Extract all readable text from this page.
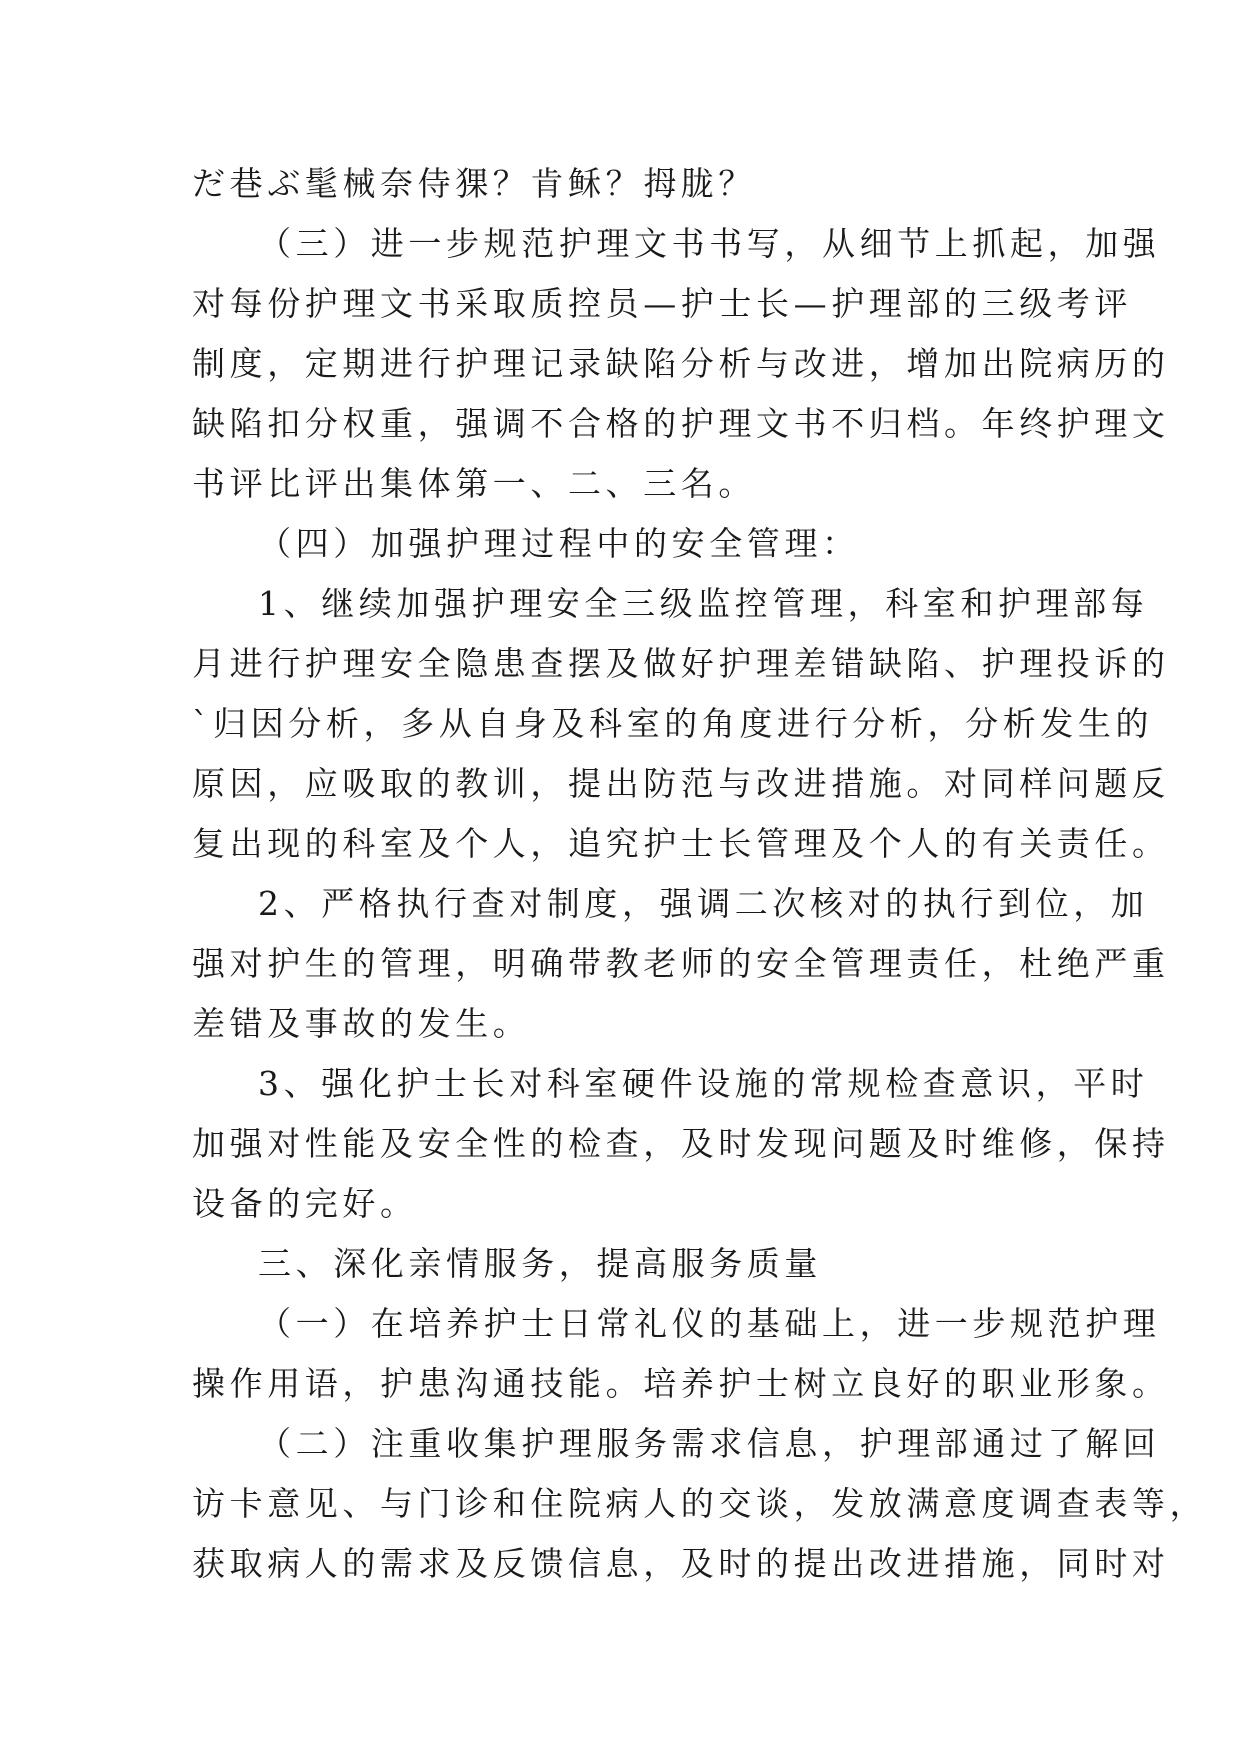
だ巷ぶ髦械奈侍猓？肯稣？拇胧？
（三）进一步规范护理文书书写，从细节上抓起，加强
对每份护理文书采取质控员—护士长—护理部的三级考评
制度，定期进行护理记录缺陷分析与改进，增加出院病历的
缺陷扣分权重，强调不合格的护理文书不归档。年终护理文
书评比评出集体第一、二、三名。
（四）加强护理过程中的安全管理：
1、继续加强护理安全三级监控管理，科室和护理部每
月进行护理安全隐患查摆及做好护理差错缺陷、护理投诉的
`归因分析，多从自身及科室的角度进行分析，分析发生的
原因，应吸取的教训，提出防范与改进措施。对同样问题反
复出现的科室及个人，追究护士长管理及个人的有关责任。
2、严格执行查对制度，强调二次核对的执行到位，加
强对护生的管理，明确带教老师的安全管理责任，杜绝严重
差错及事故的发生。
3、强化护士长对科室硬件设施的常规检查意识，平时
加强对性能及安全性的检查，及时发现问题及时维修，保持
设备的完好。
三、深化亲情服务，提高服务质量
（一）在培养护士日常礼仪的基础上，进一步规范护理
操作用语，护患沟通技能。培养护士树立良好的职业形象。
（二）注重收集护理服务需求信息，护理部通过了解回
访卡意见、与门诊和住院病人的交谈，发放满意度调查表等，
获取病人的需求及反馈信息，及时的提出改进措施，同时对
